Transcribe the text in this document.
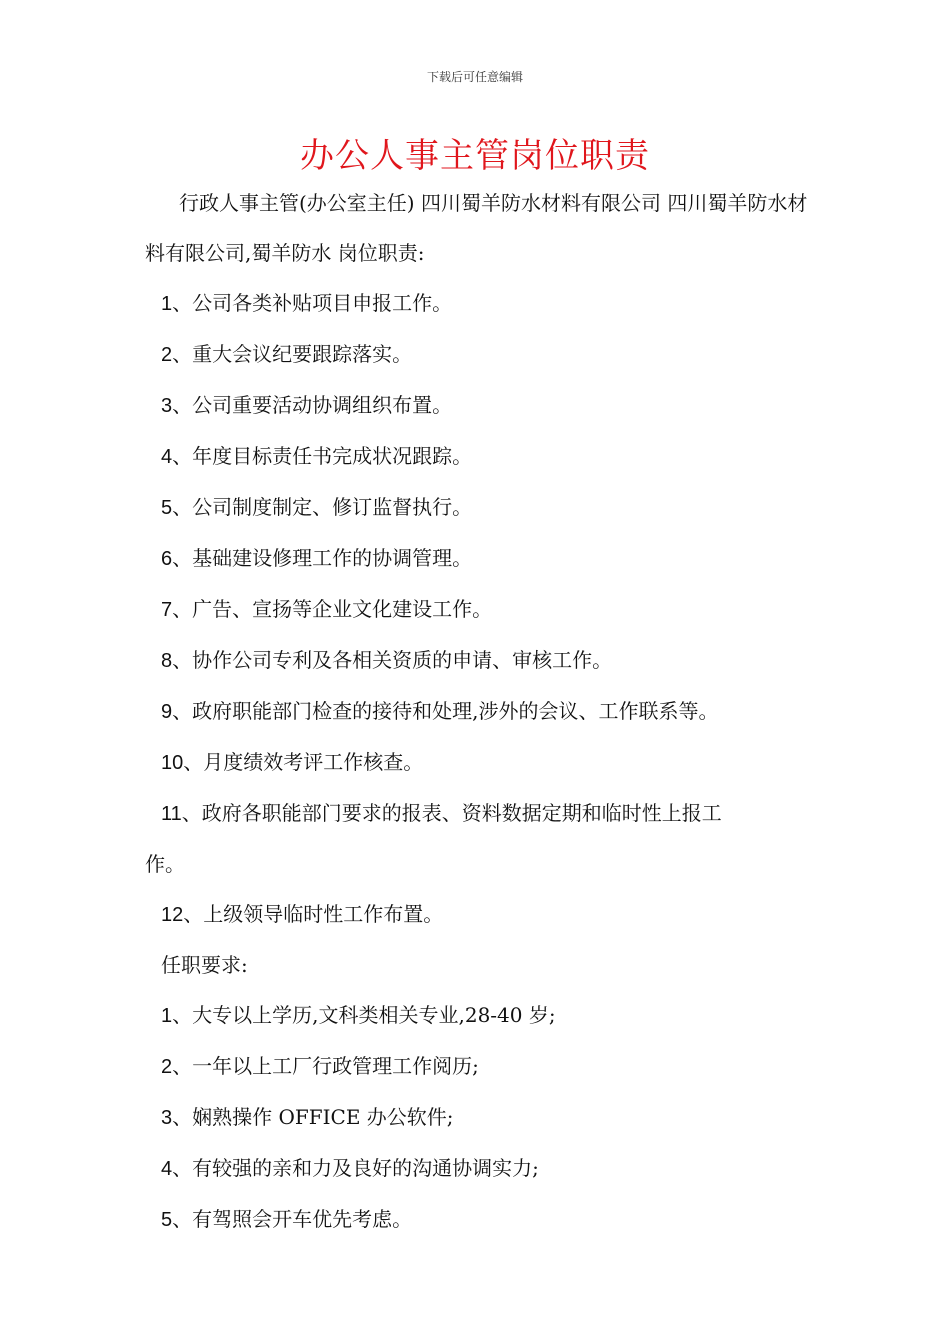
下载后可任意编辑
办公人事主管岗位职责

行政人事主管(办公室主任) 四川蜀羊防水材料有限公司 四川蜀羊防水材料有限公司,蜀羊防水 岗位职责:

1、公司各类补贴项目申报工作。

2、重大会议纪要跟踪落实。

3、公司重要活动协调组织布置。

4、年度目标责任书完成状况跟踪。

5、公司制度制定、修订监督执行。

6、基础建设修理工作的协调管理。

7、广告、宣扬等企业文化建设工作。

8、协作公司专利及各相关资质的申请、审核工作。

9、政府职能部门检查的接待和处理,涉外的会议、工作联系等。

10、月度绩效考评工作核查。

11、政府各职能部门要求的报表、资料数据定期和临时性上报工
作。

12、上级领导临时性工作布置。

任职要求:

1、大专以上学历,文科类相关专业,28-40 岁;

2、一年以上工厂行政管理工作阅历;

3、娴熟操作 OFFICE 办公软件;

4、有较强的亲和力及良好的沟通协调实力;

5、有驾照会开车优先考虑。
